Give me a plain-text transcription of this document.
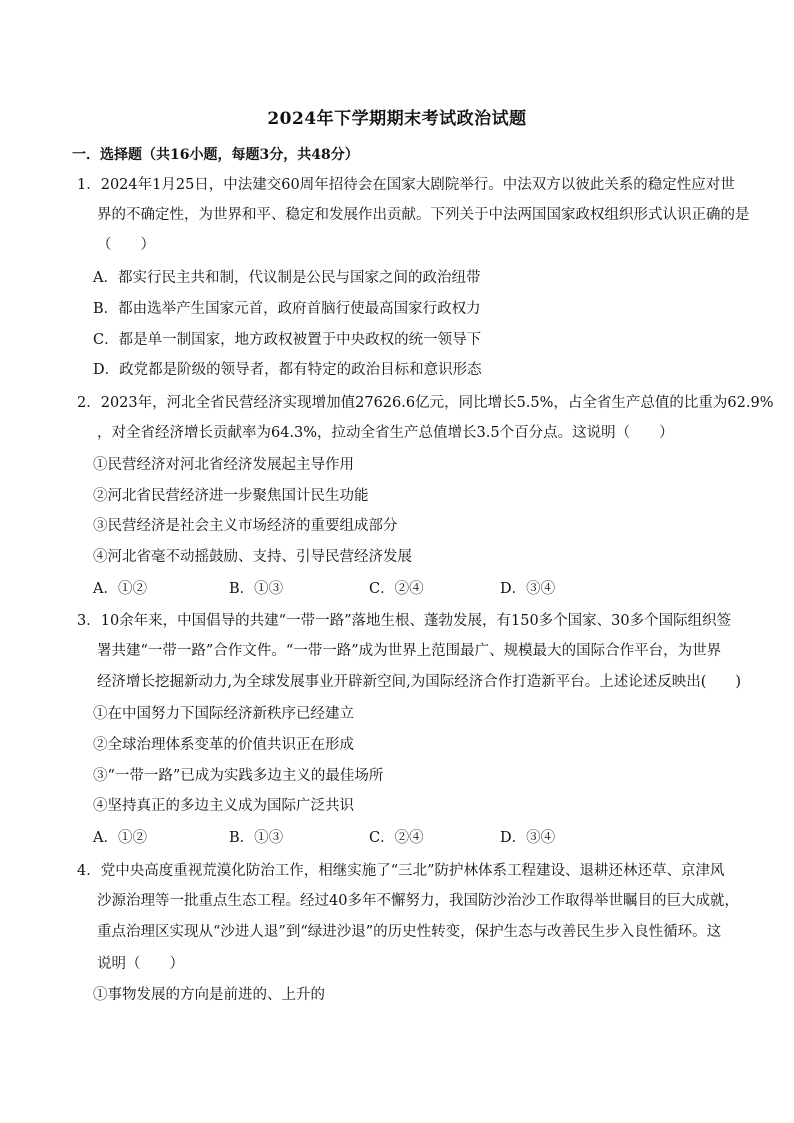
2024年下学期期末考试政治试题
一．选择题（共16小题，每题3分，共48分）
1．2024年1月25日，中法建交60周年招待会在国家大剧院举行。中法双方以彼此关系的稳定性应对世
界的不确定性，为世界和平、稳定和发展作出贡献。下列关于中法两国国家政权组织形式认识正确的是
（　　）
A．都实行民主共和制，代议制是公民与国家之间的政治纽带
B．都由选举产生国家元首，政府首脑行使最高国家行政权力
C．都是单一制国家，地方政权被置于中央政权的统一领导下
D．政党都是阶级的领导者，都有特定的政治目标和意识形态
2．2023年，河北全省民营经济实现增加值27626.6亿元，同比增长5.5%，占全省生产总值的比重为62.9%
，对全省经济增长贡献率为64.3%，拉动全省生产总值增长3.5个百分点。这说明（　　）
①民营经济对河北省经济发展起主导作用
②河北省民营经济进一步聚焦国计民生功能
③民营经济是社会主义市场经济的重要组成部分
④河北省毫不动摇鼓励、支持、引导民营经济发展
A．①②	B．①③	C．②④	D．③④
3．10余年来，中国倡导的共建“一带一路”落地生根、蓬勃发展，有150多个国家、30多个国际组织签
署共建“一带一路”合作文件。“一带一路”成为世界上范围最广、规模最大的国际合作平台，为世界
经济增长挖掘新动力,为全球发展事业开辟新空间,为国际经济合作打造新平台。上述论述反映出(　　)
①在中国努力下国际经济新秩序已经建立
②全球治理体系变革的价值共识正在形成
③“一带一路”已成为实践多边主义的最佳场所
④坚持真正的多边主义成为国际广泛共识
A．①②	B．①③	C．②④	D．③④
4．党中央高度重视荒漠化防治工作，相继实施了“三北”防护林体系工程建设、退耕还林还草、京津风
沙源治理等一批重点生态工程。经过40多年不懈努力，我国防沙治沙工作取得举世瞩目的巨大成就，
重点治理区实现从“沙进人退”到“绿进沙退”的历史性转变，保护生态与改善民生步入良性循环。这
说明（　　）
①事物发展的方向是前进的、上升的
